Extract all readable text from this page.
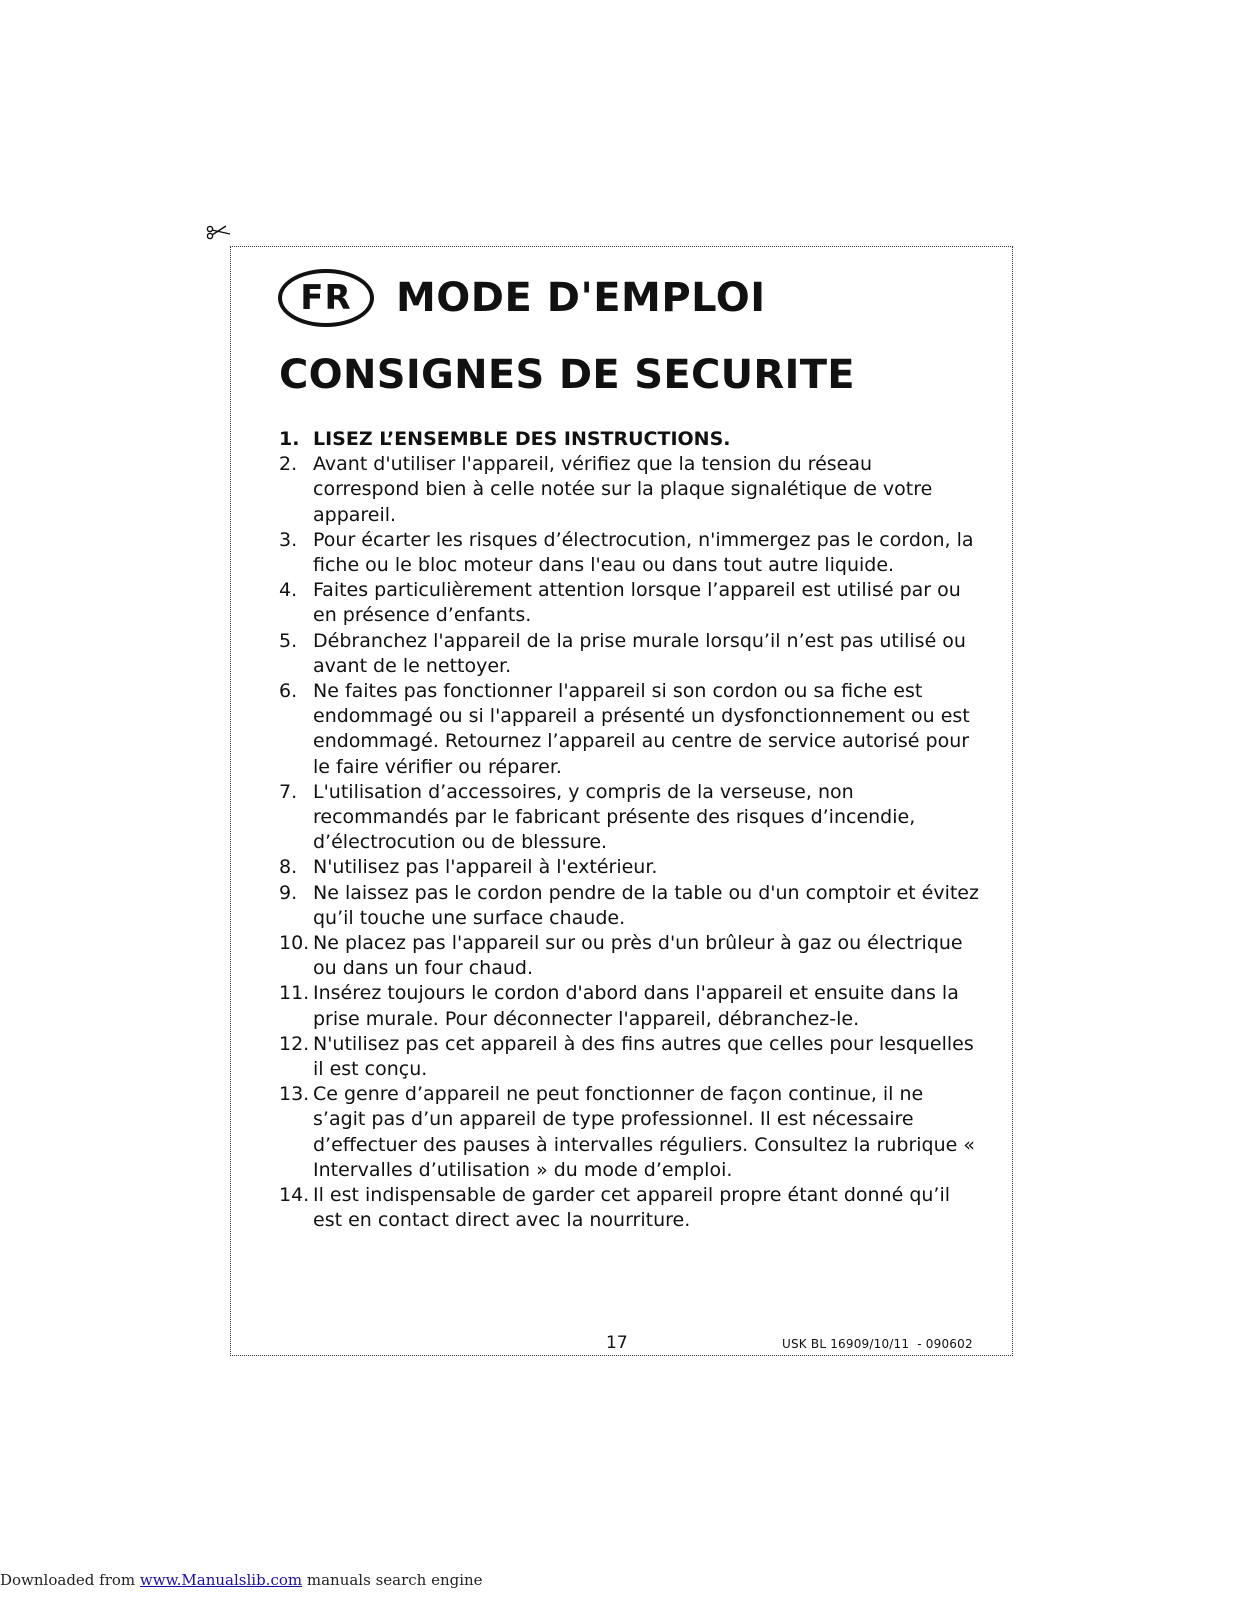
FR	MODE D'EMPLOI
CONSIGNES DE SECURITE
1. LISEZ L’ENSEMBLE DES INSTRUCTIONS.
2. Avant d'utiliser l'appareil, vérifiez que la tension du réseau correspond bien à celle notée sur la plaque signalétique de votre appareil.
3. Pour écarter les risques d’électrocution, n'immergez pas le cordon, la fiche ou le bloc moteur dans l'eau ou dans tout autre liquide.
4. Faites particulièrement attention lorsque l’appareil est utilisé par ou en présence d’enfants.
5. Débranchez l'appareil de la prise murale lorsqu’il n’est pas utilisé ou avant de le nettoyer.
6. Ne faites pas fonctionner l'appareil si son cordon ou sa fiche est endommagé ou si l'appareil a présenté un dysfonctionnement ou est endommagé. Retournez l’appareil au centre de service autorisé pour le faire vérifier ou réparer.
7. L'utilisation d’accessoires, y compris de la verseuse, non recommandés par le fabricant présente des risques d’incendie, d’électrocution ou de blessure.
8. N'utilisez pas l'appareil à l'extérieur.
9. Ne laissez pas le cordon pendre de la table ou d'un comptoir et évitez qu’il touche une surface chaude.
10. Ne placez pas l'appareil sur ou près d'un brûleur à gaz ou électrique ou dans un four chaud.
11. Insérez toujours le cordon d'abord dans l'appareil et ensuite dans la prise murale. Pour déconnecter l'appareil, débranchez-le.
12. N'utilisez pas cet appareil à des fins autres que celles pour lesquelles il est conçu.
13. Ce genre d’appareil ne peut fonctionner de façon continue, il ne s’agit pas d’un appareil de type professionnel. Il est nécessaire d’effectuer des pauses à intervalles réguliers. Consultez la rubrique « Intervalles d’utilisation » du mode d’emploi.
14. Il est indispensable de garder cet appareil propre étant donné qu’il est en contact direct avec la nourriture.
17	USK BL 16909/10/11  - 090602
Downloaded from www.Manualslib.com manuals search engine
